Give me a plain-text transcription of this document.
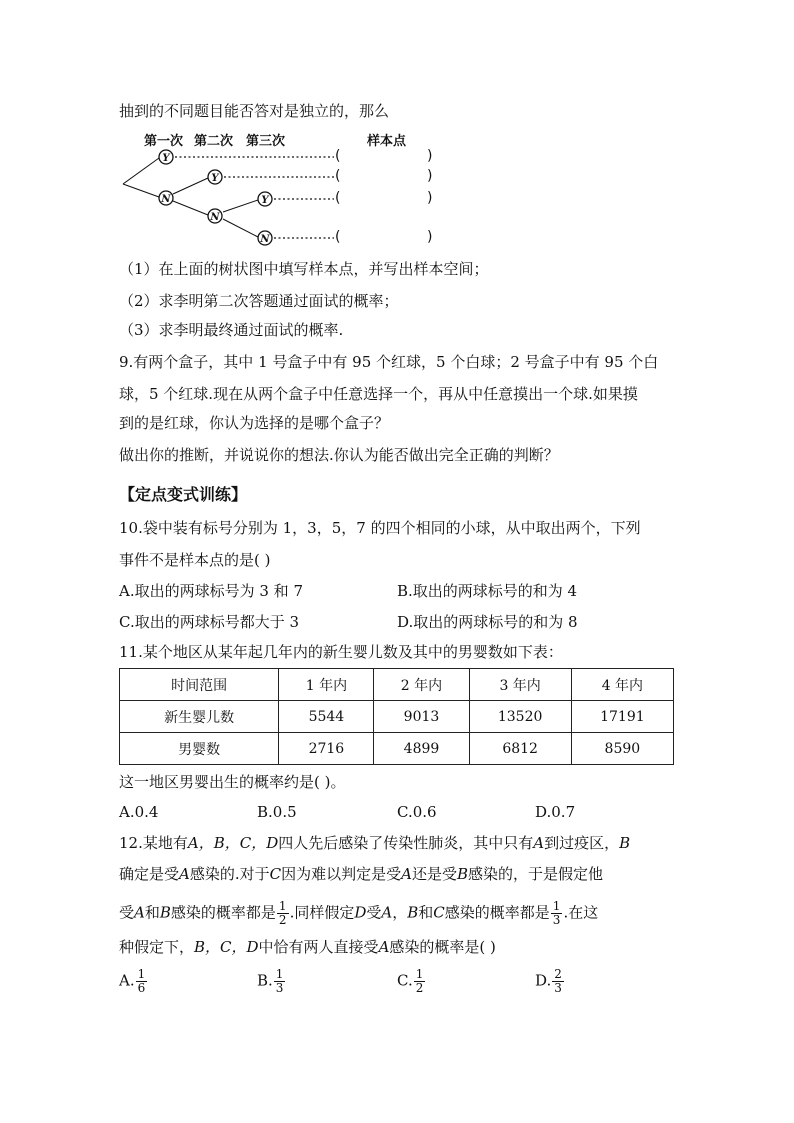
抽到的不同题目能否答对是独立的，那么
第一次 第二次 第三次	样本点
Y
N
Y
N
Y
N
(	)
(	)
(	)
(	)
（1）在上面的树状图中填写样本点，并写出样本空间；
（2）求李明第二次答题通过面试的概率；
（3）求李明最终通过面试的概率.
9.有两个盒子，其中 1 号盒子中有 95 个红球，5 个白球；2 号盒子中有 95 个白
球，5 个红球.现在从两个盒子中任意选择一个，再从中任意摸出一个球.如果摸
到的是红球，你认为选择的是哪个盒子？
做出你的推断，并说说你的想法.你认为能否做出完全正确的判断？
【定点变式训练】
10.袋中装有标号分别为 1，3，5，7 的四个相同的小球，从中取出两个，下列
事件不是样本点的是( )
A.取出的两球标号为 3 和 7	B.取出的两球标号的和为 4
C.取出的两球标号都大于 3	D.取出的两球标号的和为 8
11.某个地区从某年起几年内的新生婴儿数及其中的男婴数如下表：
时间范围	1 年内	2 年内	3 年内	4 年内
新生婴儿数	5544	9013	13520	17191
男婴数	2716	4899	6812	8590
这一地区男婴出生的概率约是( )。
A.0.4	B.0.5	C.0.6	D.0.7
12.某地有A，B，C，D四人先后感染了传染性肺炎，其中只有A到过疫区，B
确定是受A感染的.对于C因为难以判定是受A还是受B感染的，于是假定他
受A和B感染的概率都是 $\frac{1}{2}$ .同样假定D受A，B和C感染的概率都是 $\frac{1}{3}$ .在这
种假定下，B，C，D中恰有两人直接受A感染的概率是( )
A. $\frac{1}{6}$	B. $\frac{1}{3}$	C. $\frac{1}{2}$	D. $\frac{2}{3}$
